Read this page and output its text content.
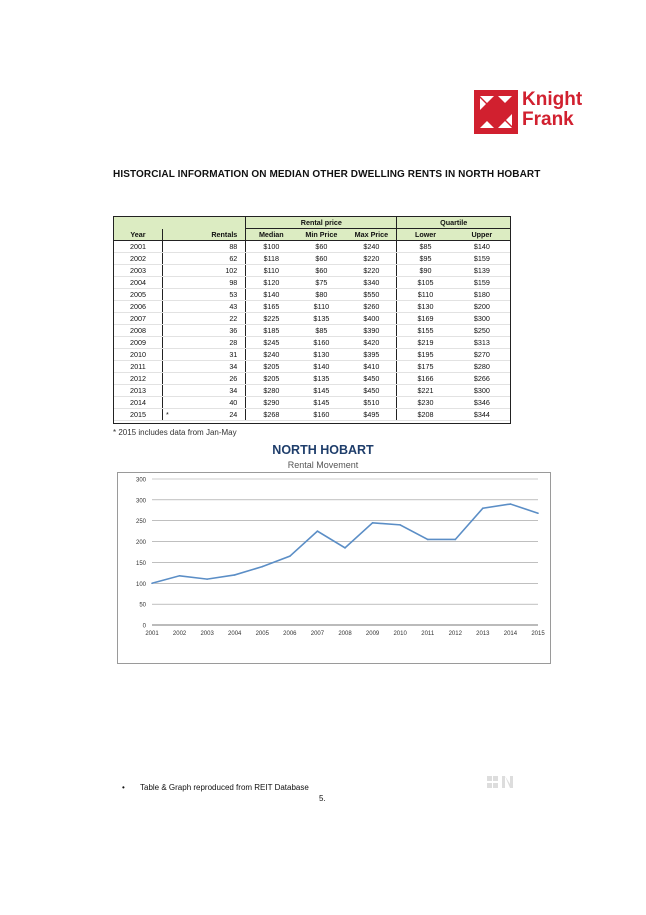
Knight
Frank
HISTORCIAL INFORMATION ON MEDIAN OTHER DWELLING RENTS IN NORTH HOBART
			Rental price			Quartile	
Year		Rentals	Median	Min Price	Max Price	Lower	Upper
2001		88	$100	$60	$240	$85	$140
2002		62	$118	$60	$220	$95	$159
2003		102	$110	$60	$220	$90	$139
2004		98	$120	$75	$340	$105	$159
2005		53	$140	$80	$550	$110	$180
2006		43	$165	$110	$260	$130	$200
2007		22	$225	$135	$400	$169	$300
2008		36	$185	$85	$390	$155	$250
2009		28	$245	$160	$420	$219	$313
2010		31	$240	$130	$395	$195	$270
2011		34	$205	$140	$410	$175	$280
2012		26	$205	$135	$450	$166	$266
2013		34	$280	$145	$450	$221	$300
2014		40	$290	$145	$510	$230	$346
2015	*	24	$268	$160	$495	$208	$344
* 2015 includes data from Jan-May
NORTH HOBART
Rental Movement
0
50
100
150
200
250
300
300
2001 2002 2003 2004 2005 2006 2007 2008 2009 2010 2011 2012 2013 2014 2015
• Table & Graph reproduced from REIT Database
5.
